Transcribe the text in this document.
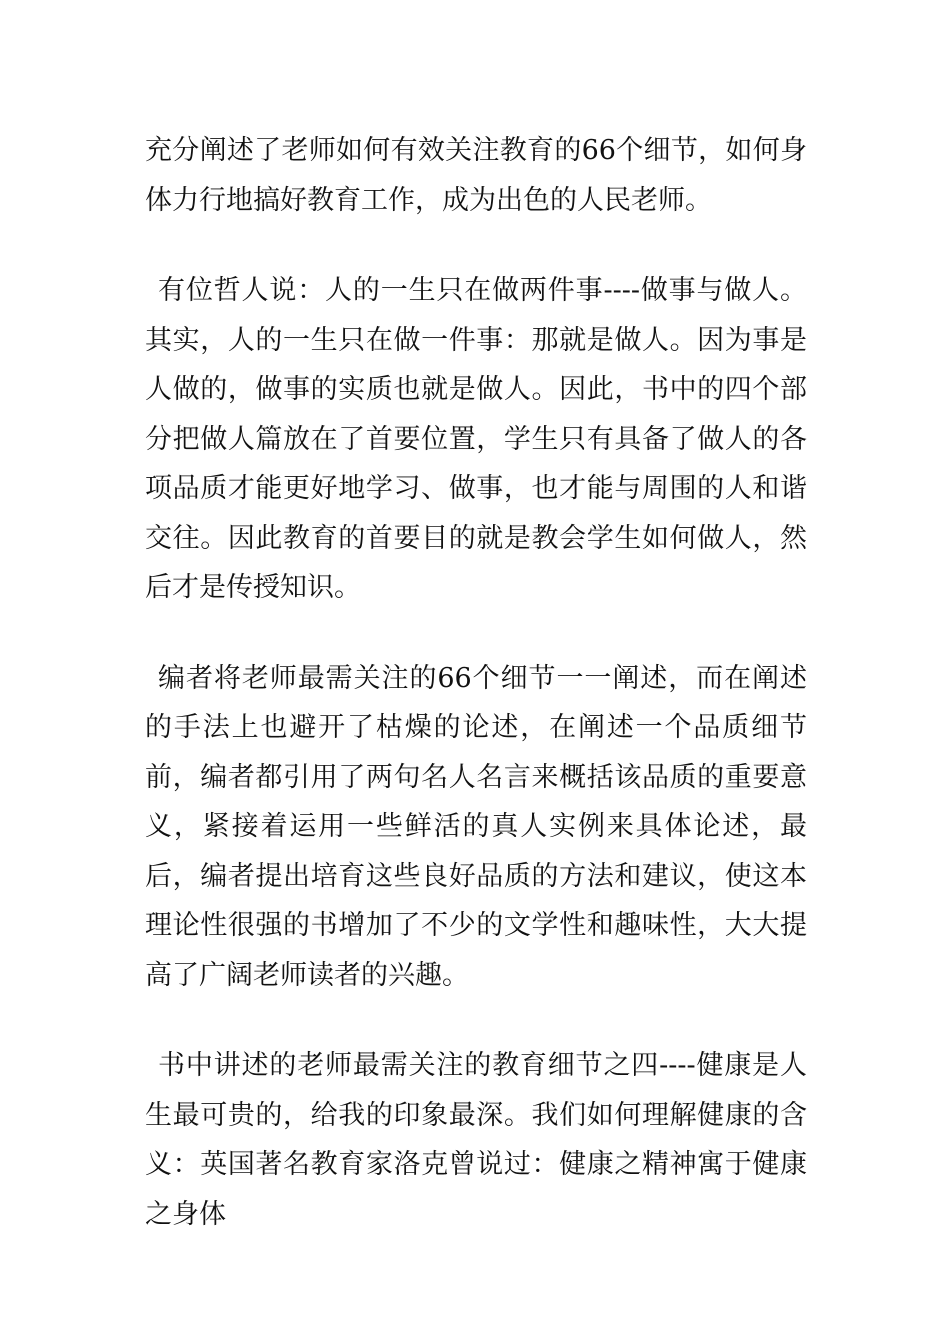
充分阐述了老师如何有效关注教育的66个细节，如何身体力行地搞好教育工作，成为出色的人民老师。

有位哲人说：人的一生只在做两件事----做事与做人。其实，人的一生只在做一件事：那就是做人。因为事是人做的，做事的实质也就是做人。因此，书中的四个部分把做人篇放在了首要位置，学生只有具备了做人的各项品质才能更好地学习、做事，也才能与周围的人和谐交往。因此教育的首要目的就是教会学生如何做人，然后才是传授知识。

编者将老师最需关注的66个细节一一阐述，而在阐述的手法上也避开了枯燥的论述，在阐述一个品质细节前，编者都引用了两句名人名言来概括该品质的重要意义，紧接着运用一些鲜活的真人实例来具体论述，最后，编者提出培育这些良好品质的方法和建议，使这本理论性很强的书增加了不少的文学性和趣味性，大大提高了广阔老师读者的兴趣。

书中讲述的老师最需关注的教育细节之四----健康是人生最可贵的，给我的印象最深。我们如何理解健康的含义：英国著名教育家洛克曾说过：健康之精神寓于健康之身体
